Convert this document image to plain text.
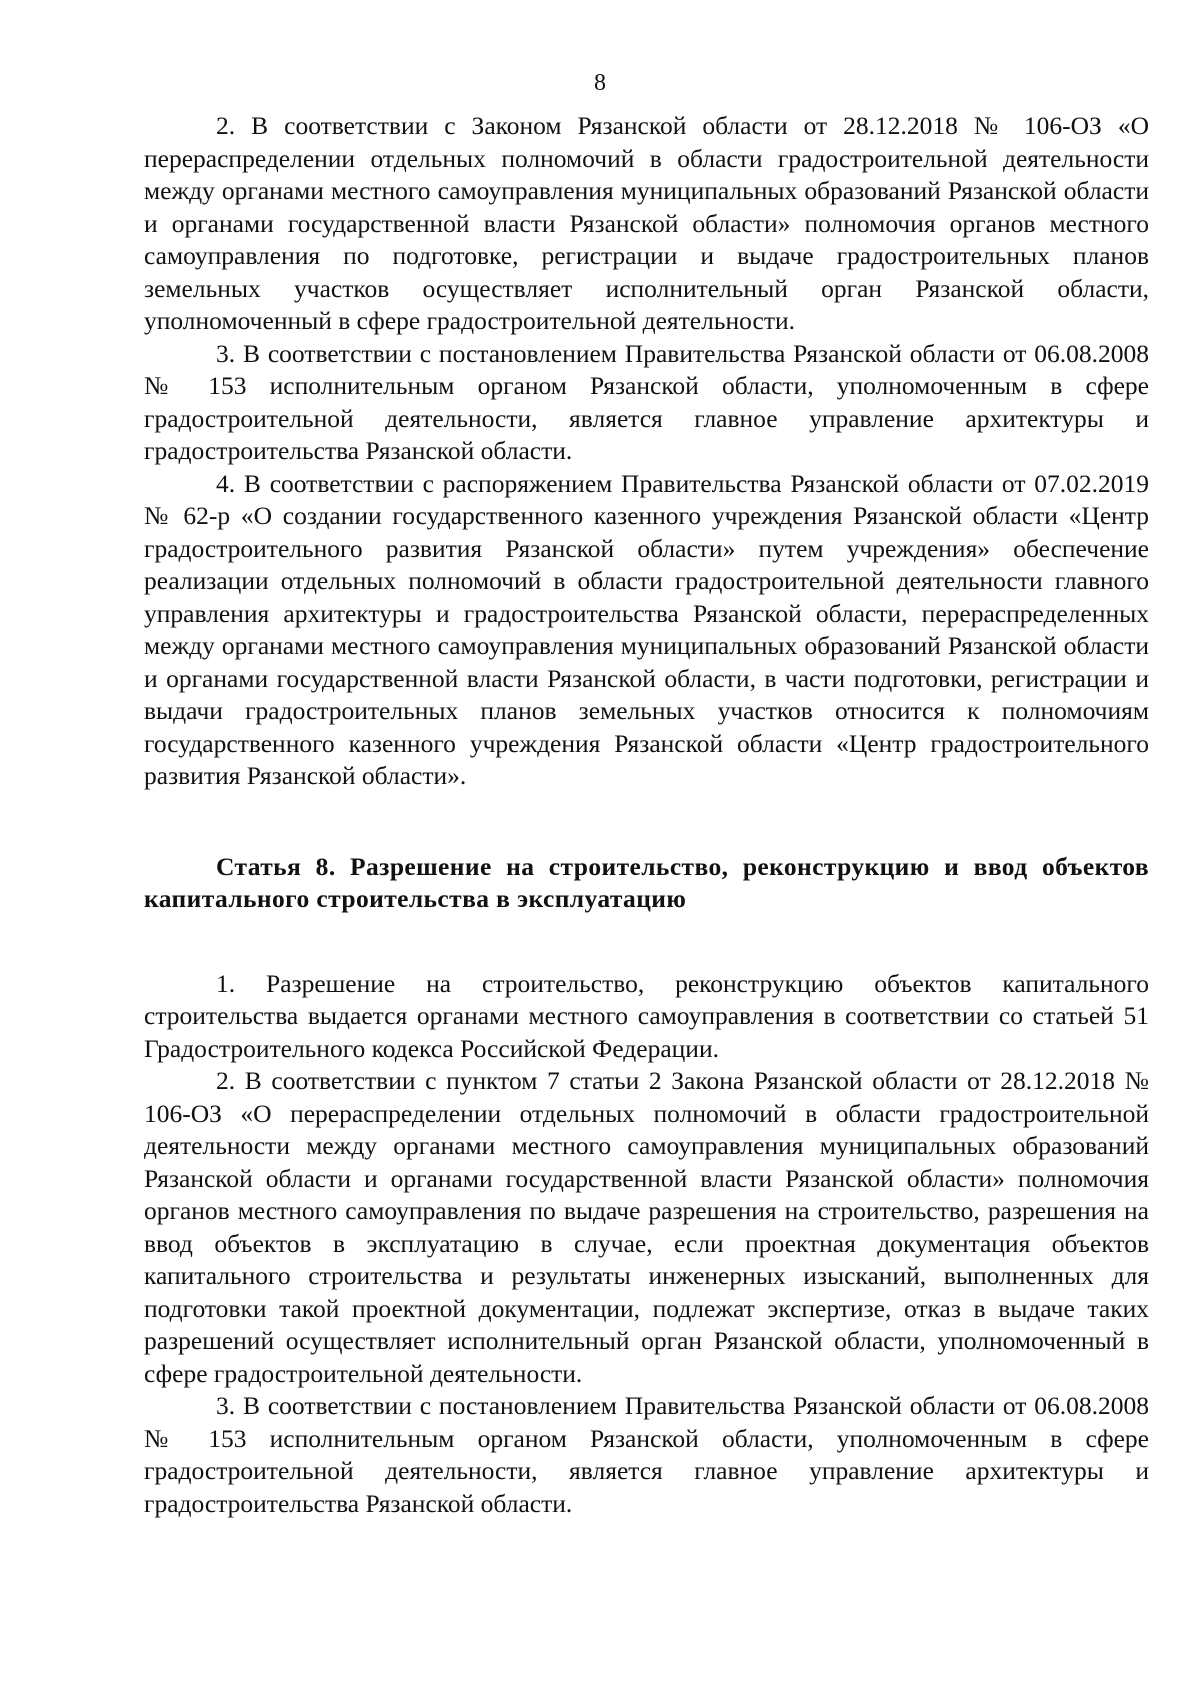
8

2. В соответствии с Законом Рязанской области от 28.12.2018 № 106-ОЗ «О перераспределении отдельных полномочий в области градостроительной деятельности между органами местного самоуправления муниципальных образований Рязанской области и органами государственной власти Рязанской области» полномочия органов местного самоуправления по подготовке, регистрации и выдаче градостроительных планов земельных участков осуществляет исполнительный орган Рязанской области, уполномоченный в сфере градостроительной деятельности.

3. В соответствии с постановлением Правительства Рязанской области от 06.08.2008 № 153 исполнительным органом Рязанской области, уполномоченным в сфере градостроительной деятельности, является главное управление архитектуры и градостроительства Рязанской области.

4. В соответствии с распоряжением Правительства Рязанской области от 07.02.2019 № 62-р «О создании государственного казенного учреждения Рязанской области «Центр градостроительного развития Рязанской области» путем учреждения» обеспечение реализации отдельных полномочий в области градостроительной деятельности главного управления архитектуры и градостроительства Рязанской области, перераспределенных между органами местного самоуправления муниципальных образований Рязанской области и органами государственной власти Рязанской области, в части подготовки, регистрации и выдачи градостроительных планов земельных участков относится к полномочиям государственного казенного учреждения Рязанской области «Центр градостроительного развития Рязанской области».

Статья 8. Разрешение на строительство, реконструкцию и ввод объектов капитального строительства в эксплуатацию

1. Разрешение на строительство, реконструкцию объектов капитального строительства выдается органами местного самоуправления в соответствии со статьей 51 Градостроительного кодекса Российской Федерации.

2. В соответствии с пунктом 7 статьи 2 Закона Рязанской области от 28.12.2018 № 106-ОЗ «О перераспределении отдельных полномочий в области градостроительной деятельности между органами местного самоуправления муниципальных образований Рязанской области и органами государственной власти Рязанской области» полномочия органов местного самоуправления по выдаче разрешения на строительство, разрешения на ввод объектов в эксплуатацию в случае, если проектная документация объектов капитального строительства и результаты инженерных изысканий, выполненных для подготовки такой проектной документации, подлежат экспертизе, отказ в выдаче таких разрешений осуществляет исполнительный орган Рязанской области, уполномоченный в сфере градостроительной деятельности.

3. В соответствии с постановлением Правительства Рязанской области от 06.08.2008 № 153 исполнительным органом Рязанской области, уполномоченным в сфере градостроительной деятельности, является главное управление архитектуры и градостроительства Рязанской области.
